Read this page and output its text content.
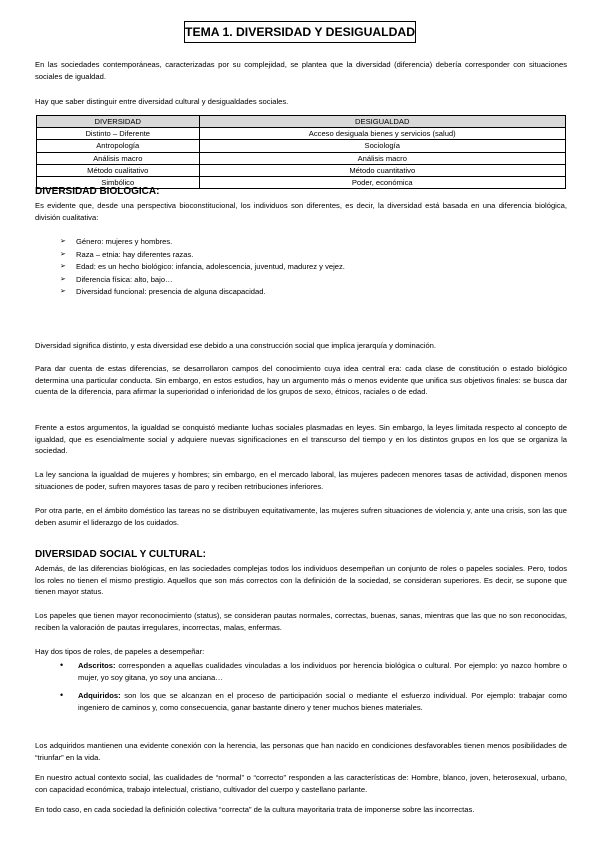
TEMA 1. DIVERSIDAD Y DESIGUALDAD

En las sociedades contemporáneas, caracterizadas por su complejidad, se plantea que la diversidad (diferencia) debería corresponder con situaciones sociales de igualdad.

Hay que saber distinguir entre diversidad cultural y desigualdades sociales.

DIVERSIDAD	DESIGUALDAD
Distinto – Diferente	Acceso desiguala bienes y servicios (salud)
Antropología	Sociología
Análisis macro	Análisis macro
Método cualitativo	Método cuantitativo
Simbólico	Poder, económica
DIVERSIDAD BIOLOGICA:

Es evidente que, desde una perspectiva bioconstitucional, los individuos son diferentes, es decir, la diversidad está basada en una diferencia biológica, división cualitativa:

➢ Género: mujeres y hombres.
➢ Raza – etnia: hay diferentes razas.
➢ Edad: es un hecho biológico: infancia, adolescencia, juventud, madurez y vejez.
➢ Diferencia física: alto, bajo…
➢ Diversidad funcional: presencia de alguna discapacidad.

Diversidad significa distinto, y esta diversidad ese debido a una construcción social que implica jerarquía y dominación.

Para dar cuenta de estas diferencias, se desarrollaron campos del conocimiento cuya idea central era: cada clase de constitución o estado biológico determina una particular conducta. Sin embargo, en estos estudios, hay un argumento más o menos evidente que unifica sus objetivos finales: se busca dar cuenta de la diferencia, para afirmar la superioridad o inferioridad de los grupos de sexo, étnicos, raciales o de edad.

Frente a estos argumentos, la igualdad se conquistó mediante luchas sociales plasmadas en leyes. Sin embargo, la leyes limitada respecto al concepto de igualdad, que es esencialmente social y adquiere nuevas significaciones en el transcurso del tiempo y en los distintos grupos en los que se organiza la sociedad.

La ley sanciona la igualdad de mujeres y hombres; sin embargo, en el mercado laboral, las mujeres padecen menores tasas de actividad, disponen menos situaciones de poder, sufren mayores tasas de paro y reciben retribuciones inferiores.

Por otra parte, en el ámbito doméstico las tareas no se distribuyen equitativamente, las mujeres sufren situaciones de violencia y, ante una crisis, son las que deben asumir el liderazgo de los cuidados.

DIVERSIDAD SOCIAL Y CULTURAL:

Además, de las diferencias biológicas, en las sociedades complejas todos los individuos desempeñan un conjunto de roles o papeles sociales. Pero, todos los roles no tienen el mismo prestigio. Aquellos que son más correctos con la definición de la sociedad, se consideran superiores. Es decir, se supone que tienen mayor status.

Los papeles que tienen mayor reconocimiento (status), se consideran pautas normales, correctas, buenas, sanas, mientras que las que no son reconocidas, reciben la valoración de pautas irregulares, incorrectas, malas, enfermas.

Hay dos tipos de roles, de papeles a desempeñar:

• Adscritos: corresponden a aquellas cualidades vinculadas a los individuos por herencia biológica o cultural. Por ejemplo: yo nazco hombre o mujer, yo soy gitana, yo soy una anciana…
• Adquiridos: son los que se alcanzan en el proceso de participación social o mediante el esfuerzo individual. Por ejemplo: trabajar como ingeniero de caminos y, como consecuencia, ganar bastante dinero y tener muchos bienes materiales.

Los adquiridos mantienen una evidente conexión con la herencia, las personas que han nacido en condiciones desfavorables tienen menos posibilidades de “triunfar” en la vida.

En nuestro actual contexto social, las cualidades de “normal” o “correcto” responden a las características de: Hombre, blanco, joven, heterosexual, urbano, con capacidad económica, trabajo intelectual, cristiano, cultivador del cuerpo y castellano parlante.

En todo caso, en cada sociedad la definición colectiva “correcta” de la cultura mayoritaria trata de imponerse sobre las incorrectas.
